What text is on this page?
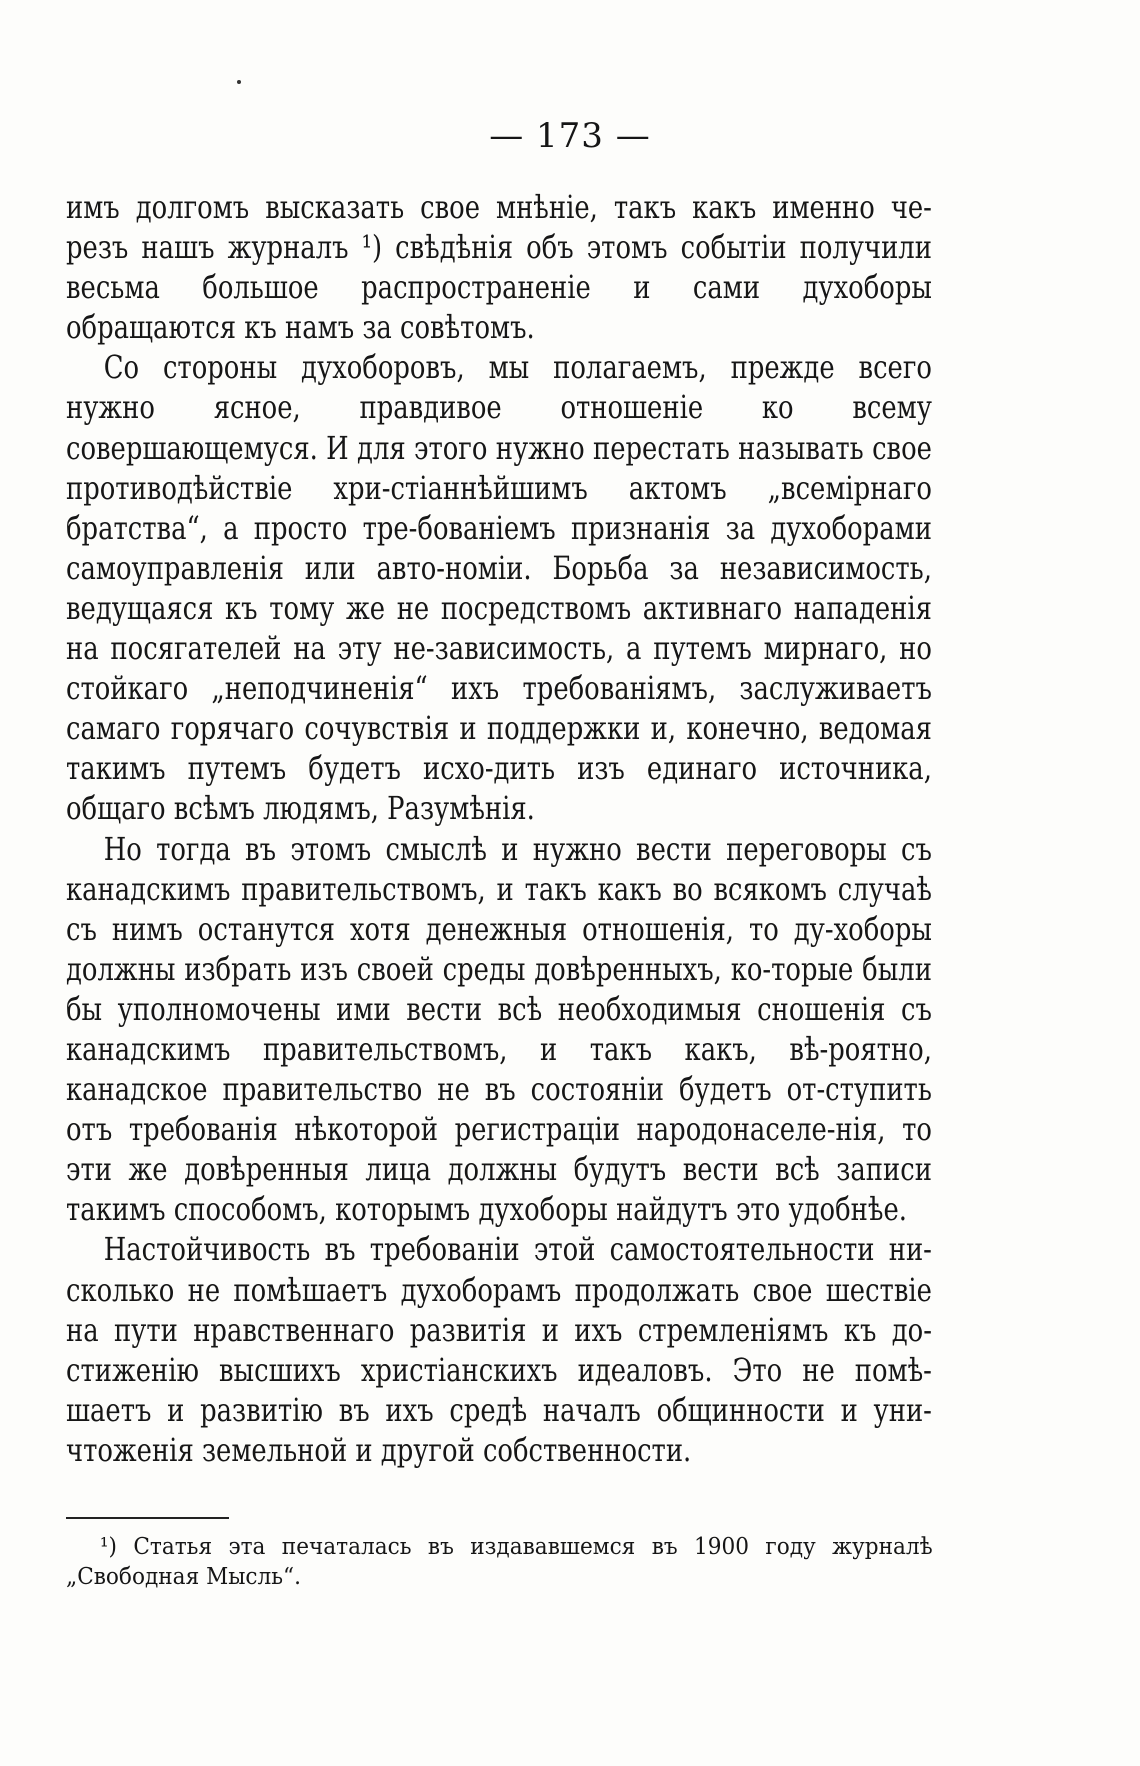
— 173 —

имъ долгомъ высказать свое мнѣніе, такъ какъ именно че-резъ нашъ журналъ ¹) свѣдѣнія объ этомъ событіи получили весьма большое распространеніе и сами духоборы обращаются къ намъ за совѣтомъ.

Со стороны духоборовъ, мы полагаемъ, прежде всего нужно ясное, правдивое отношеніе ко всему совершающемуся. И для этого нужно перестать называть свое противодѣйствіе хри-стіаннѣйшимъ актомъ „всемірнаго братства“, а просто тре-бованіемъ признанія за духоборами самоуправленія или авто-номіи. Борьба за независимость, ведущаяся къ тому же не посредствомъ активнаго нападенія на посягателей на эту не-зависимость, а путемъ мирнаго, но стойкаго „неподчиненія“ ихъ требованіямъ, заслуживаетъ самаго горячаго сочувствія и поддержки и, конечно, ведомая такимъ путемъ будетъ исхо-дить изъ единаго источника, общаго всѣмъ людямъ, Разумѣнія.

Но тогда въ этомъ смыслѣ и нужно вести переговоры съ канадскимъ правительствомъ, и такъ какъ во всякомъ случаѣ съ нимъ останутся хотя денежныя отношенія, то ду-хоборы должны избрать изъ своей среды довѣренныхъ, ко-торые были бы уполномочены ими вести всѣ необходимыя сношенія съ канадскимъ правительствомъ, и такъ какъ, вѣ-роятно, канадское правительство не въ состояніи будетъ от-ступить отъ требованія нѣкоторой регистраціи народонаселе-нія, то эти же довѣренныя лица должны будутъ вести всѣ записи такимъ способомъ, которымъ духоборы найдутъ это удобнѣе.

Настойчивость въ требованіи этой самостоятельности ни-сколько не помѣшаетъ духоборамъ продолжать свое шествіе на пути нравственнаго развитія и ихъ стремленіямъ къ до-стиженію высшихъ христіанскихъ идеаловъ. Это не помѣ-шаетъ и развитію въ ихъ средѣ началъ общинности и уни-чтоженія земельной и другой собственности.

¹) Статья эта печаталась въ издававшемся въ 1900 году журналѣ „Свободная Мысль“.
